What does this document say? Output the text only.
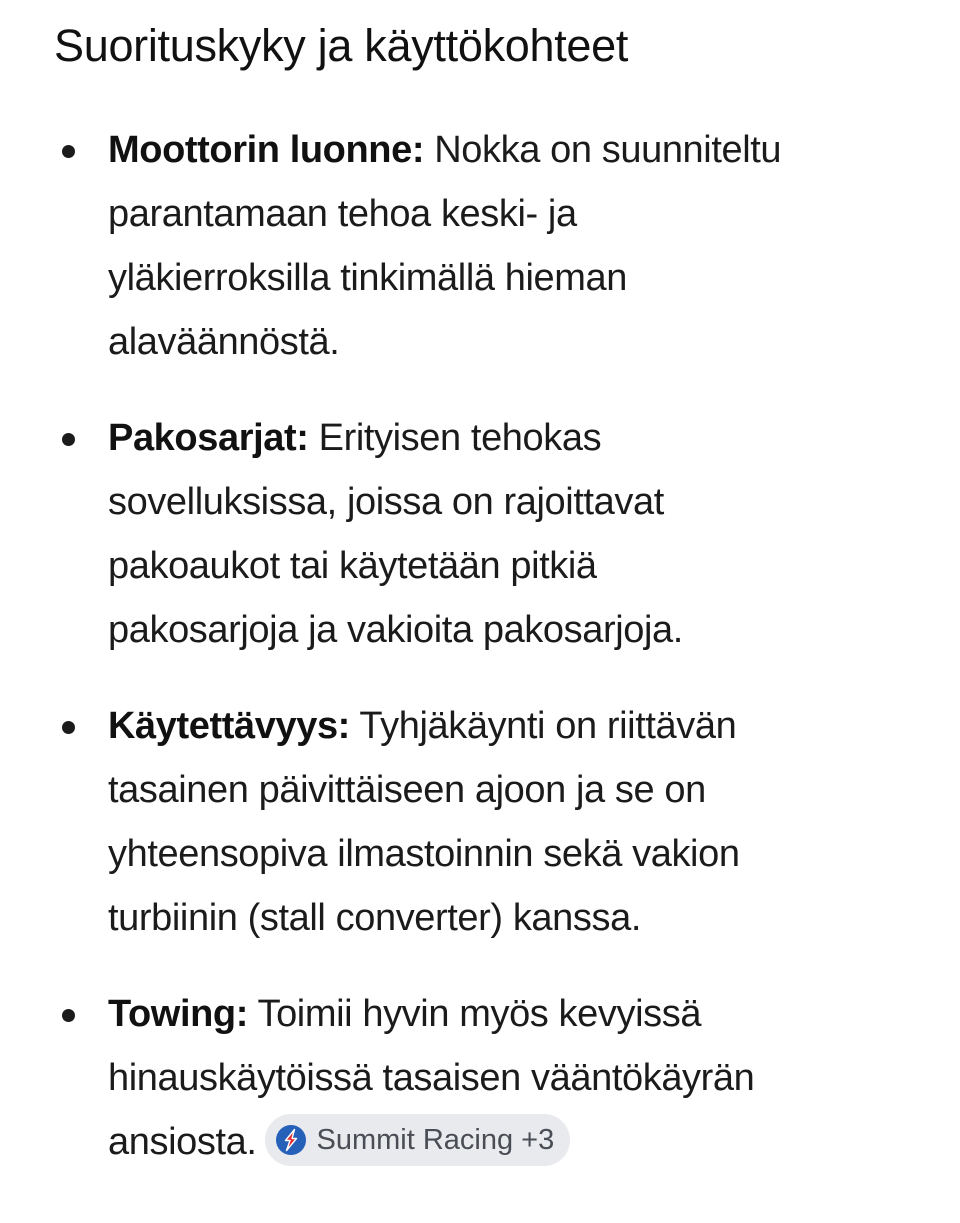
Suorituskyky ja käyttökohteet
Moottorin luonne: Nokka on suunniteltu
parantamaan tehoa keski- ja
yläkierroksilla tinkimällä hieman
alaväännöstä.
Pakosarjat: Erityisen tehokas
sovelluksissa, joissa on rajoittavat
pakoaukot tai käytetään pitkiä
pakosarjoja ja vakioita pakosarjoja.
Käytettävyys: Tyhjäkäynti on riittävän
tasainen päivittäiseen ajoon ja se on
yhteensopiva ilmastoinnin sekä vakion
turbiinin (stall converter) kanssa.
Towing: Toimii hyvin myös kevyissä
hinauskäytöissä tasaisen vääntökäyrän
ansiosta. Summit Racing +3
